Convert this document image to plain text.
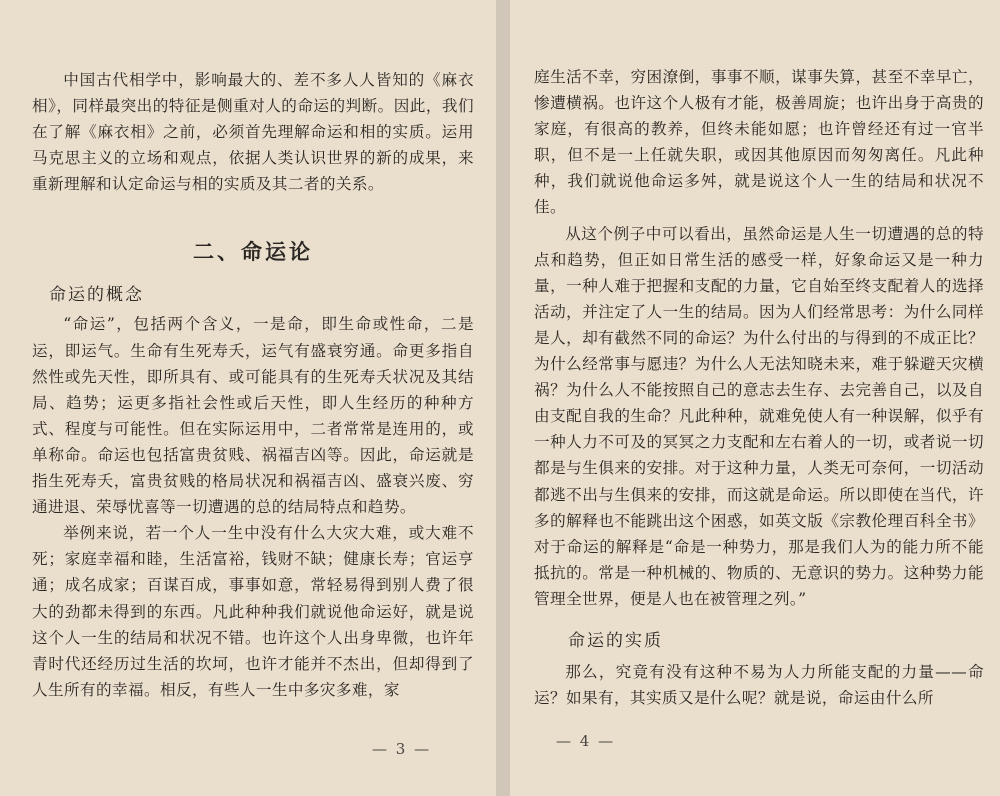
中国古代相学中，影响最大的、差不多人人皆知的《麻衣相》，同样最突出的特征是侧重对人的命运的判断。因此，我们在了解《麻衣相》之前，必须首先理解命运和相的实质。运用马克思主义的立场和观点，依据人类认识世界的新的成果，来重新理解和认定命运与相的实质及其二者的关系。

二、命运论
命运的概念

“命运”，包括两个含义，一是命，即生命或性命，二是运，即运气。生命有生死寿夭，运气有盛衰穷通。命更多指自然性或先天性，即所具有、或可能具有的生死寿夭状况及其结局、趋势；运更多指社会性或后天性，即人生经历的种种方式、程度与可能性。但在实际运用中，二者常常是连用的，或单称命。命运也包括富贵贫贱、祸福吉凶等。因此，命运就是指生死寿夭，富贵贫贱的格局状况和祸福吉凶、盛衰兴废、穷通进退、荣辱忧喜等一切遭遇的总的结局特点和趋势。

举例来说，若一个人一生中没有什么大灾大难，或大难不死；家庭幸福和睦，生活富裕，钱财不缺；健康长寿；官运亨通；成名成家；百谋百成，事事如意，常轻易得到别人费了很大的劲都未得到的东西。凡此种种我们就说他命运好，就是说这个人一生的结局和状况不错。也许这个人出身卑微，也许年青时代还经历过生活的坎坷，也许才能并不杰出，但却得到了人生所有的幸福。相反，有些人一生中多灾多难，家

— 3 —

庭生活不幸，穷困潦倒，事事不顺，谋事失算，甚至不幸早亡，惨遭横祸。也许这个人极有才能，极善周旋；也许出身于高贵的家庭，有很高的教养，但终未能如愿；也许曾经还有过一官半职，但不是一上任就失职，或因其他原因而匆匆离任。凡此种种，我们就说他命运多舛，就是说这个人一生的结局和状况不佳。

从这个例子中可以看出，虽然命运是人生一切遭遇的总的特点和趋势，但正如日常生活的感受一样，好象命运又是一种力量，一种人难于把握和支配的力量，它自始至终支配着人的选择活动，并注定了人一生的结局。因为人们经常思考：为什么同样是人，却有截然不同的命运？为什么付出的与得到的不成正比？为什么经常事与愿违？为什么人无法知晓未来，难于躲避天灾横祸？为什么人不能按照自己的意志去生存、去完善自己，以及自由支配自我的生命？凡此种种，就难免使人有一种误解，似乎有一种人力不可及的冥冥之力支配和左右着人的一切，或者说一切都是与生俱来的安排。对于这种力量，人类无可奈何，一切活动都逃不出与生俱来的安排，而这就是命运。所以即使在当代，许多的解释也不能跳出这个困惑，如英文版《宗教伦理百科全书》对于命运的解释是“命是一种势力，那是我们人为的能力所不能抵抗的。常是一种机械的、物质的、无意识的势力。这种势力能管理全世界，便是人也在被管理之列。”

命运的实质

那么，究竟有没有这种不易为人力所能支配的力量——命运？如果有，其实质又是什么呢？就是说，命运由什么所

— 4 —
